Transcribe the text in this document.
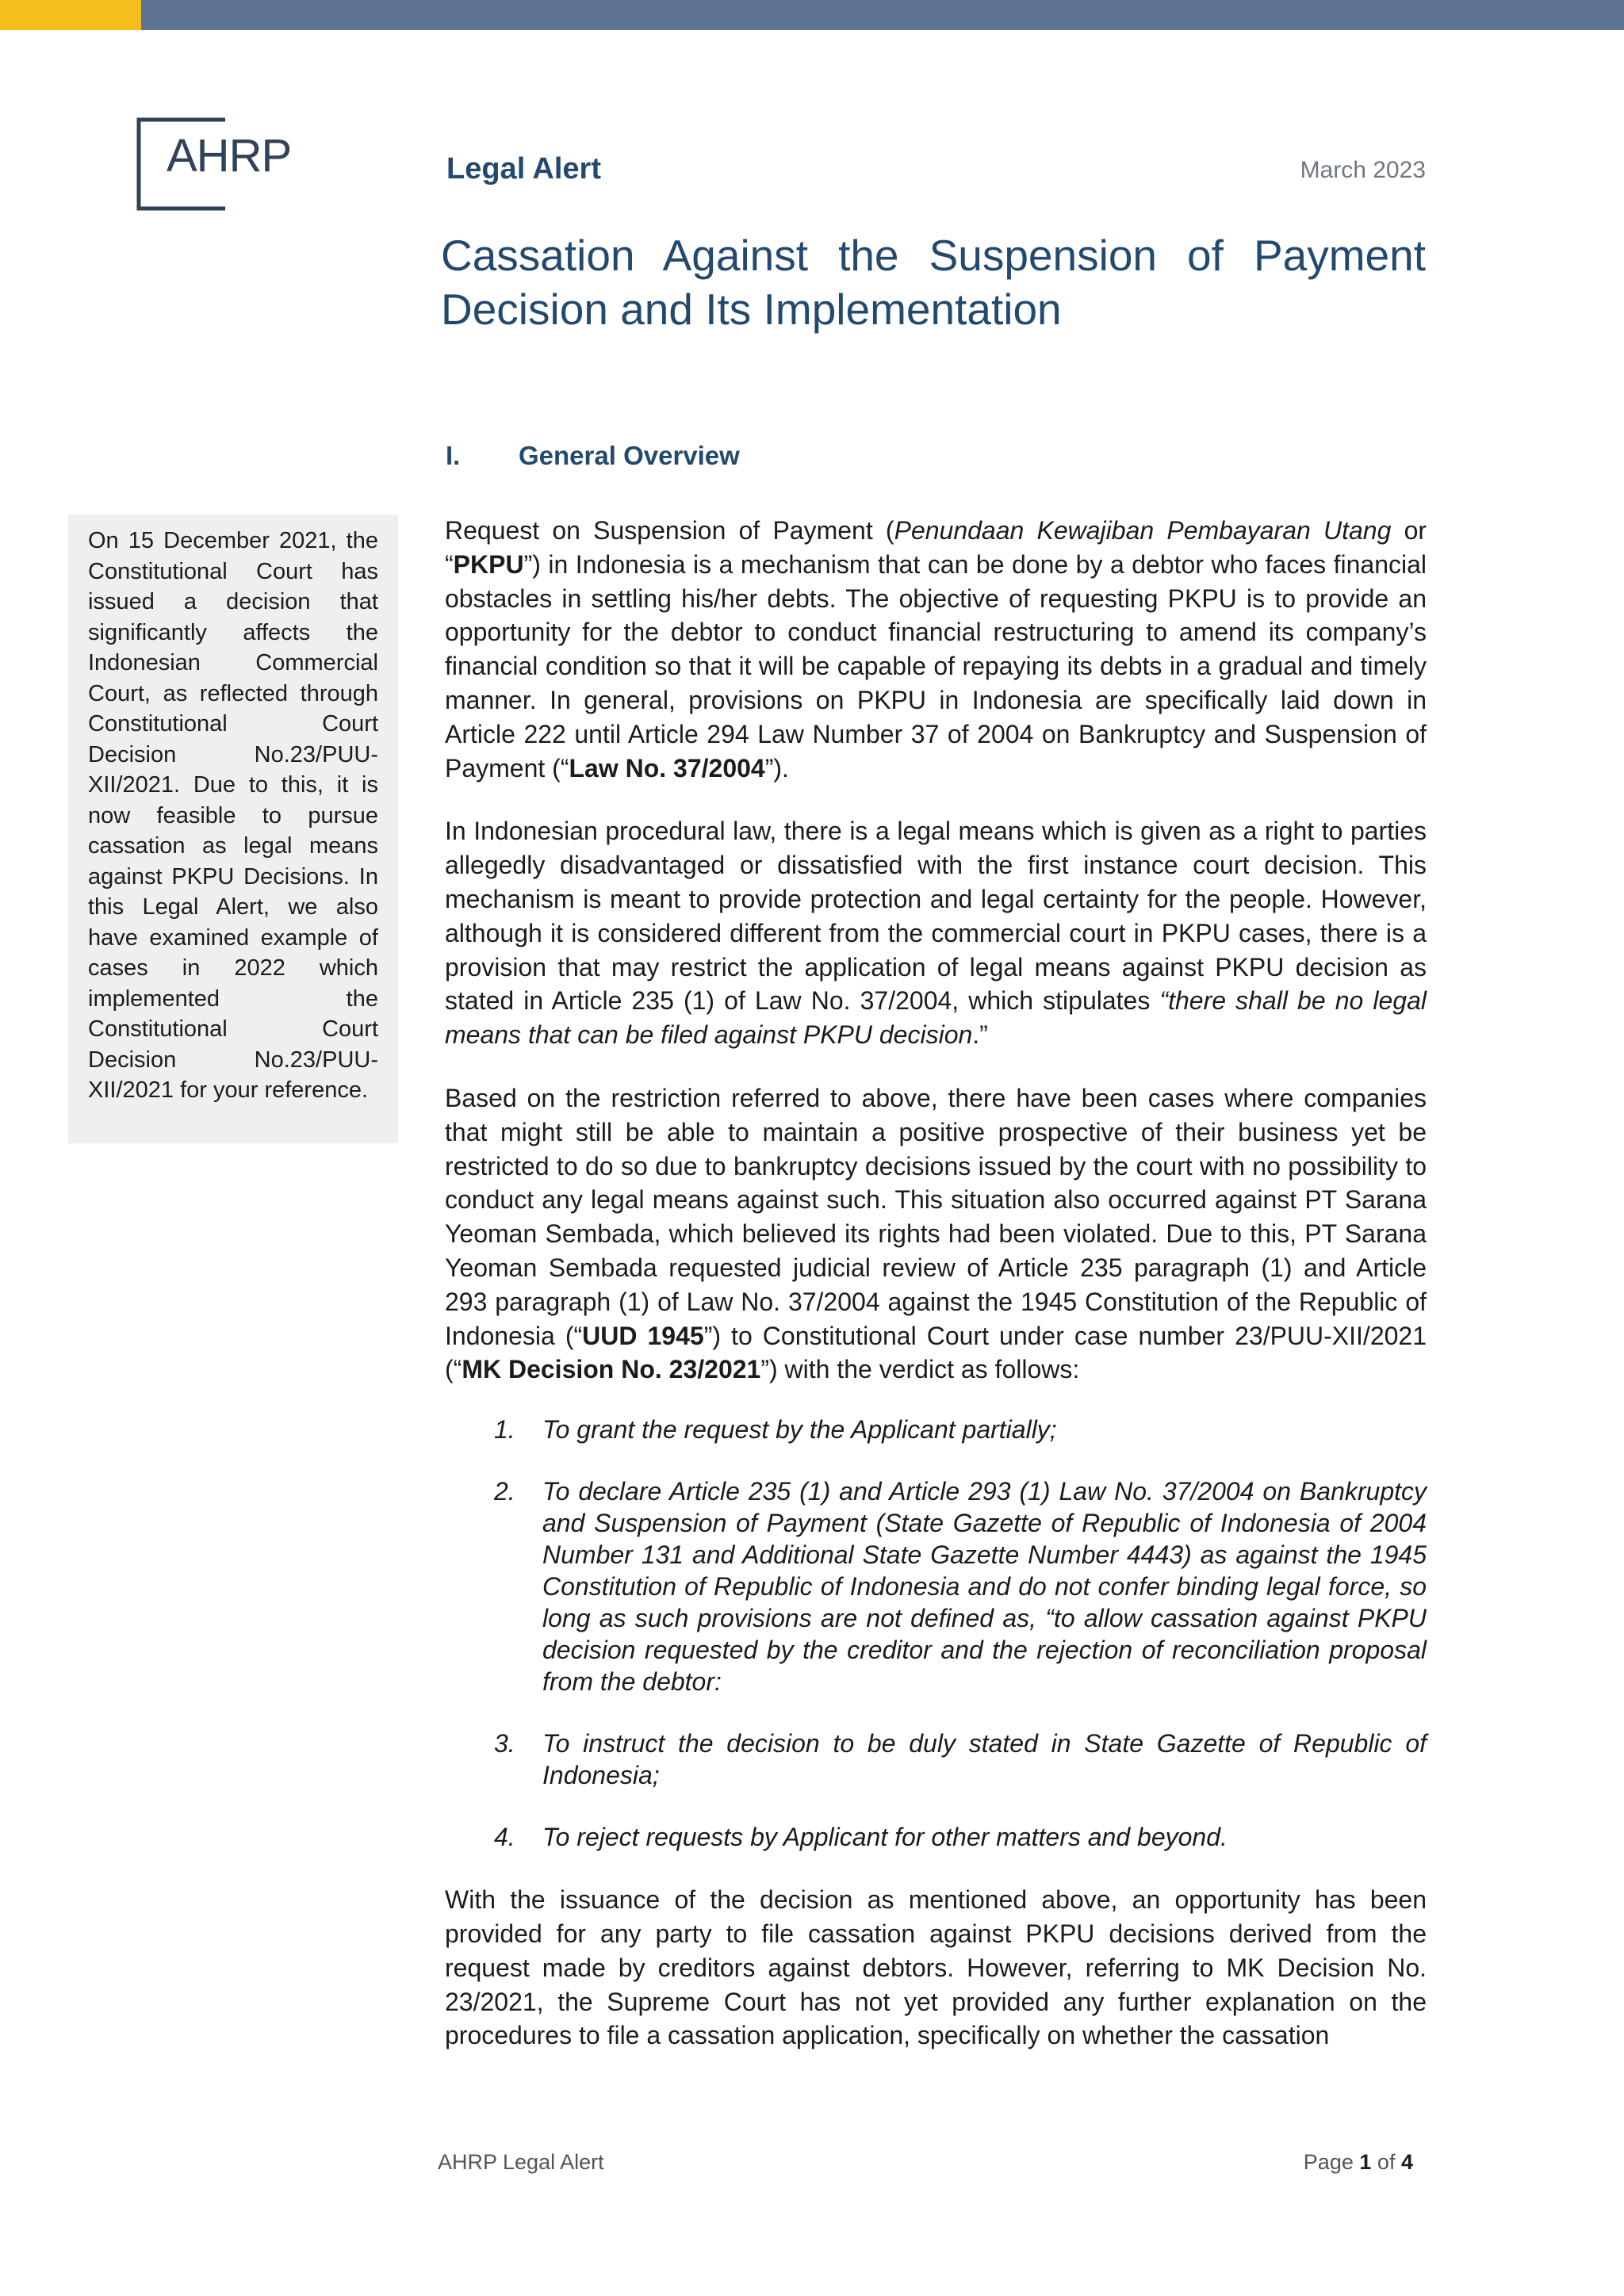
AHRP	Legal Alert	March 2023
Cassation Against the Suspension of Payment Decision and Its Implementation
I. General Overview
On 15 December 2021, the Constitutional Court has issued a decision that significantly affects the Indonesian Commercial Court, as reflected through Constitutional Court Decision No.23/PUU-XII/2021. Due to this, it is now feasible to pursue cassation as legal means against PKPU Decisions. In this Legal Alert, we also have examined example of cases in 2022 which implemented the Constitutional Court Decision No.23/PUU-XII/2021 for your reference.

Request on Suspension of Payment (Penundaan Kewajiban Pembayaran Utang or “PKPU”) in Indonesia is a mechanism that can be done by a debtor who faces financial obstacles in settling his/her debts. The objective of requesting PKPU is to provide an opportunity for the debtor to conduct financial restructuring to amend its company’s financial condition so that it will be capable of repaying its debts in a gradual and timely manner. In general, provisions on PKPU in Indonesia are specifically laid down in Article 222 until Article 294 Law Number 37 of 2004 on Bankruptcy and Suspension of Payment (“Law No. 37/2004”).

In Indonesian procedural law, there is a legal means which is given as a right to parties allegedly disadvantaged or dissatisfied with the first instance court decision. This mechanism is meant to provide protection and legal certainty for the people. However, although it is considered different from the commercial court in PKPU cases, there is a provision that may restrict the application of legal means against PKPU decision as stated in Article 235 (1) of Law No. 37/2004, which stipulates “there shall be no legal means that can be filed against PKPU decision.”

Based on the restriction referred to above, there have been cases where companies that might still be able to maintain a positive prospective of their business yet be restricted to do so due to bankruptcy decisions issued by the court with no possibility to conduct any legal means against such. This situation also occurred against PT Sarana Yeoman Sembada, which believed its rights had been violated. Due to this, PT Sarana Yeoman Sembada requested judicial review of Article 235 paragraph (1) and Article 293 paragraph (1) of Law No. 37/2004 against the 1945 Constitution of the Republic of Indonesia (“UUD 1945”) to Constitutional Court under case number 23/PUU-XII/2021 (“MK Decision No. 23/2021”) with the verdict as follows:

1. To grant the request by the Applicant partially;
2. To declare Article 235 (1) and Article 293 (1) Law No. 37/2004 on Bankruptcy and Suspension of Payment (State Gazette of Republic of Indonesia of 2004 Number 131 and Additional State Gazette Number 4443) as against the 1945 Constitution of Republic of Indonesia and do not confer binding legal force, so long as such provisions are not defined as, “to allow cassation against PKPU decision requested by the creditor and the rejection of reconciliation proposal from the debtor:
3. To instruct the decision to be duly stated in State Gazette of Republic of Indonesia;
4. To reject requests by Applicant for other matters and beyond.

With the issuance of the decision as mentioned above, an opportunity has been provided for any party to file cassation against PKPU decisions derived from the request made by creditors against debtors. However, referring to MK Decision No. 23/2021, the Supreme Court has not yet provided any further explanation on the procedures to file a cassation application, specifically on whether the cassation

AHRP Legal Alert	Page 1 of 4
